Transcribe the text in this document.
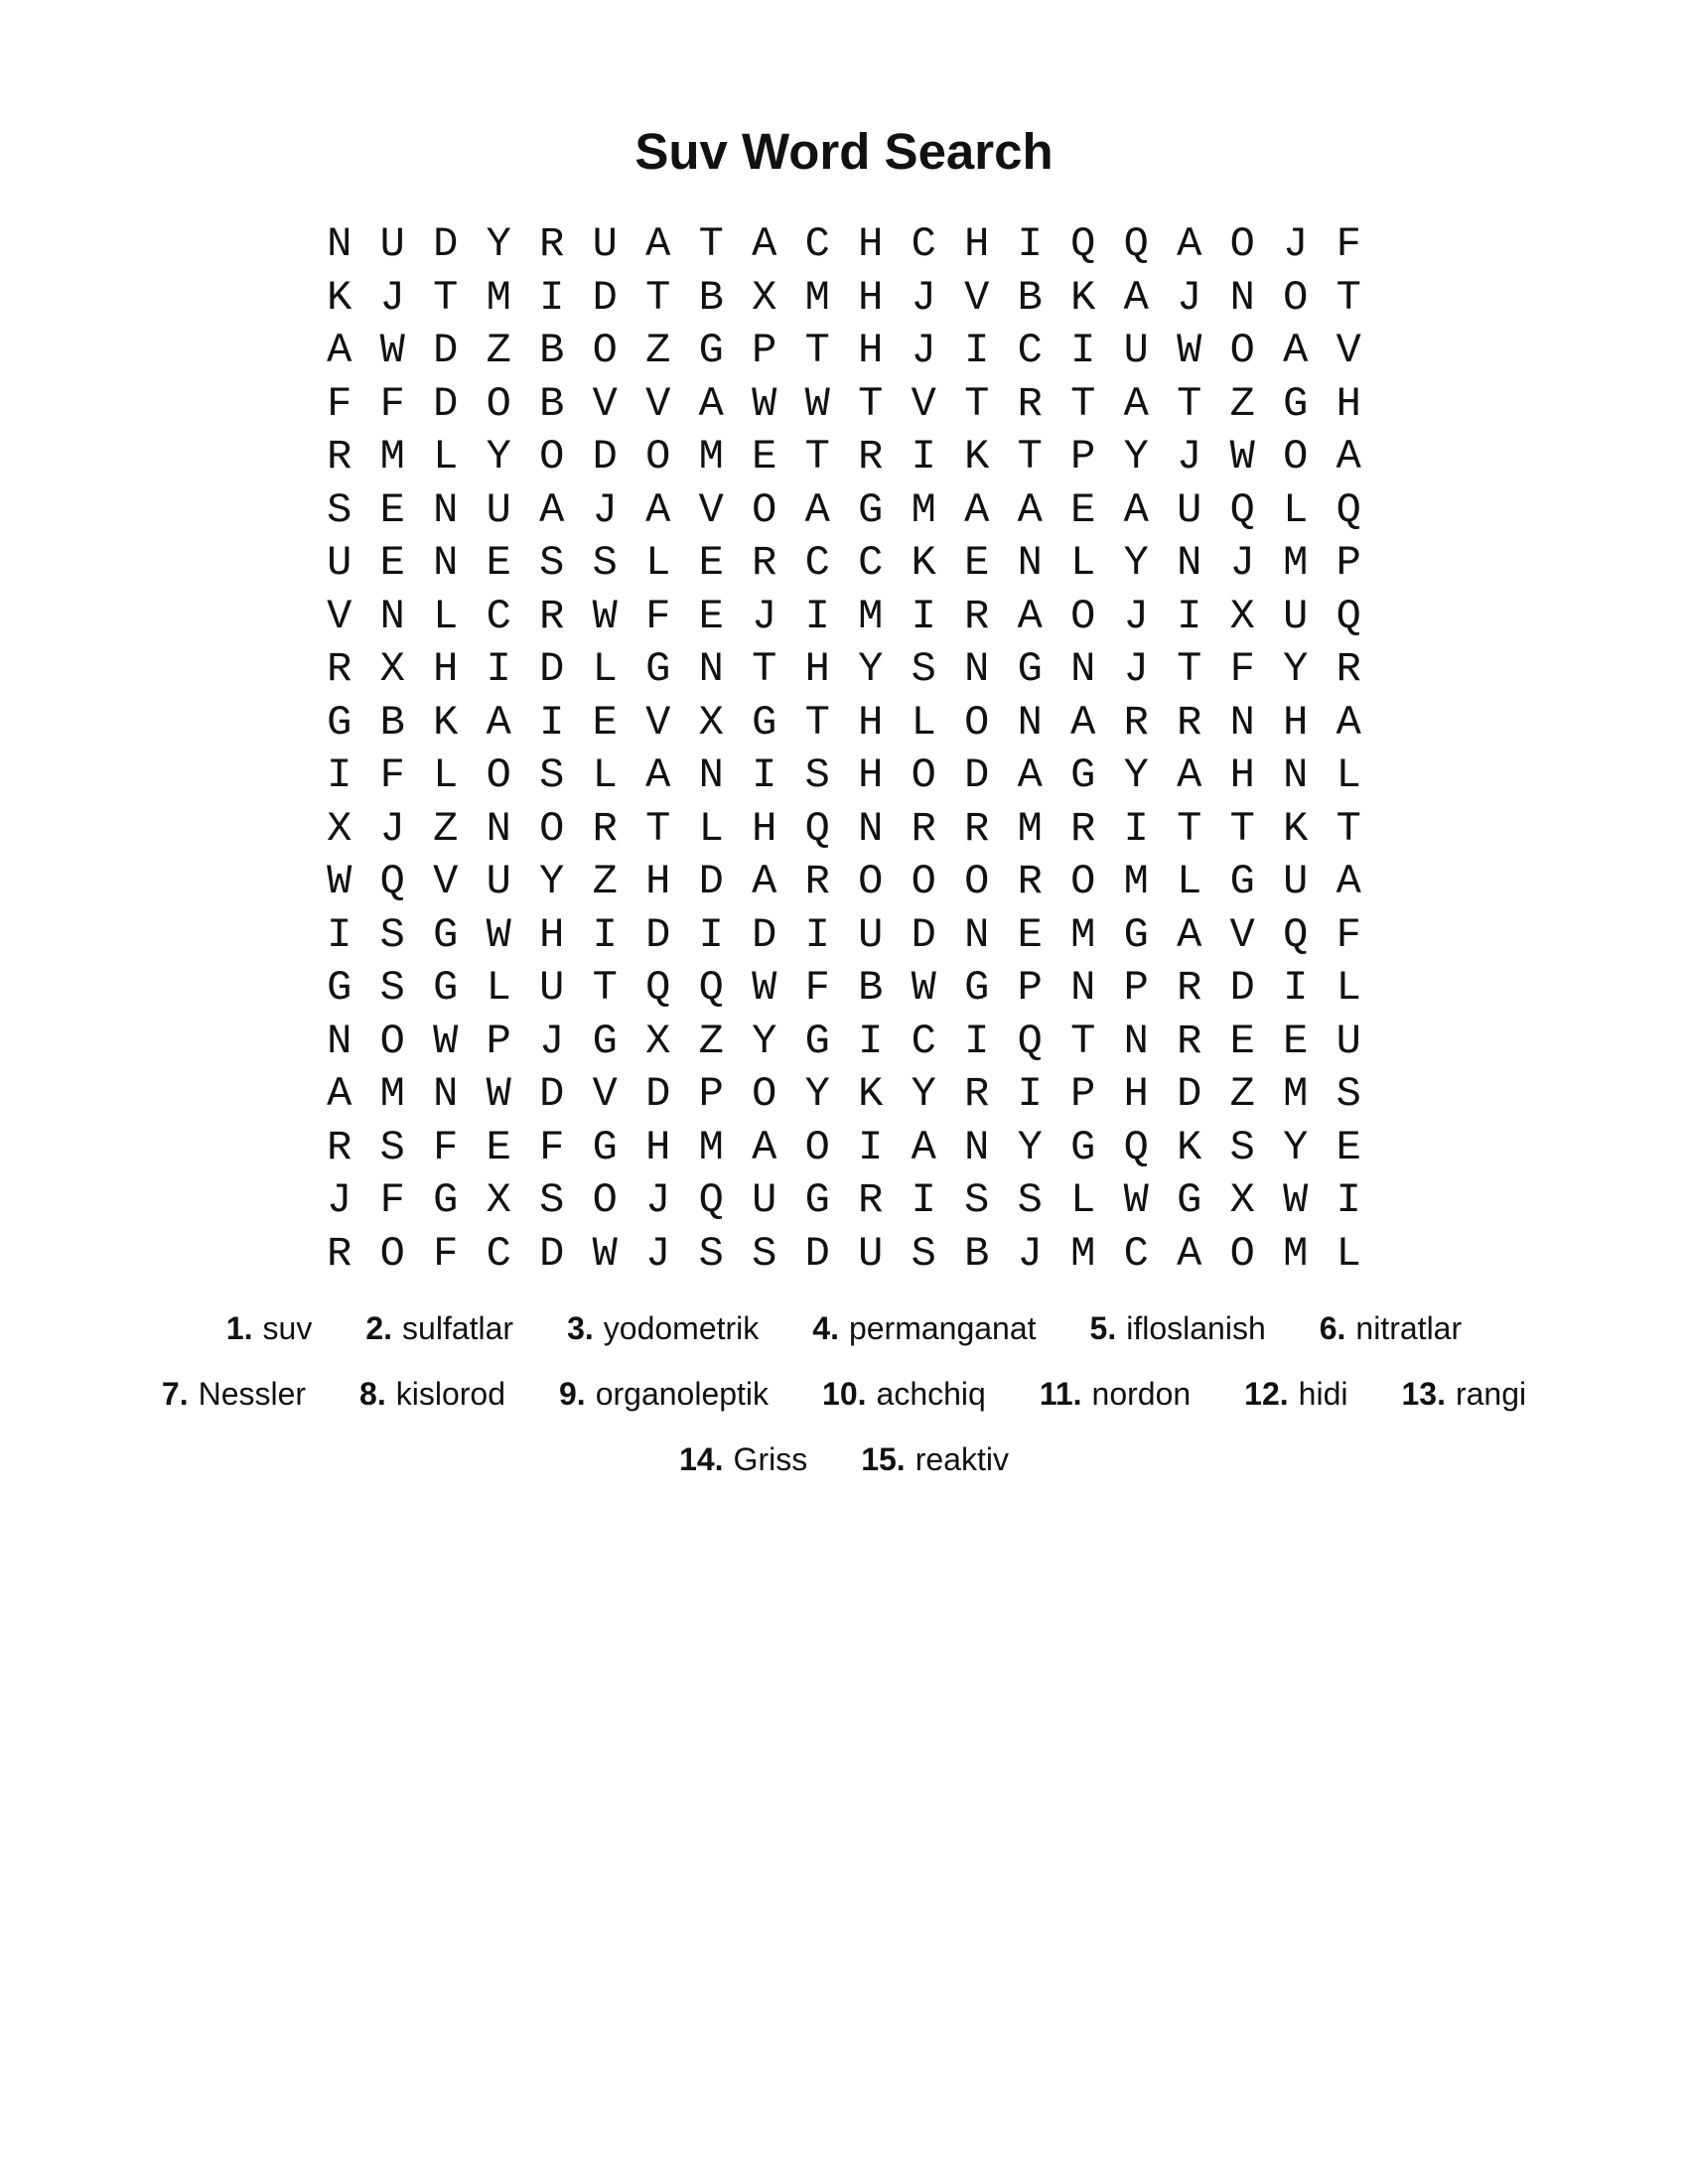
Suv Word Search
N U D Y R U A T A C H C H I Q Q A O J F
K J T M I D T B X M H J V B K A J N O T
A W D Z B O Z G P T H J I C I U W O A V
F F D O B V V A W W T V T R T A T Z G H
R M L Y O D O M E T R I K T P Y J W O A
S E N U A J A V O A G M A A E A U Q L Q
U E N E S S L E R C C K E N L Y N J M P
V N L C R W F E J I M I R A O J I X U Q
R X H I D L G N T H Y S N G N J T F Y R
G B K A I E V X G T H L O N A R R N H A
I F L O S L A N I S H O D A G Y A H N L
X J Z N O R T L H Q N R R M R I T T K T
W Q V U Y Z H D A R O O O R O M L G U A
I S G W H I D I D I U D N E M G A V Q F
G S G L U T Q Q W F B W G P N P R D I L
N O W P J G X Z Y G I C I Q T N R E E U
A M N W D V D P O Y K Y R I P H D Z M S
R S F E F G H M A O I A N Y G Q K S Y E
J F G X S O J Q U G R I S S L W G X W I
R O F C D W J S S D U S B J M C A O M L
1. suv 2. sulfatlar 3. yodometrik 4. permanganat 5. ifloslanish 6. nitratlar
7. Nessler 8. kislorod 9. organoleptik 10. achchiq 11. nordon 12. hidi 13. rangi
14. Griss 15. reaktiv
